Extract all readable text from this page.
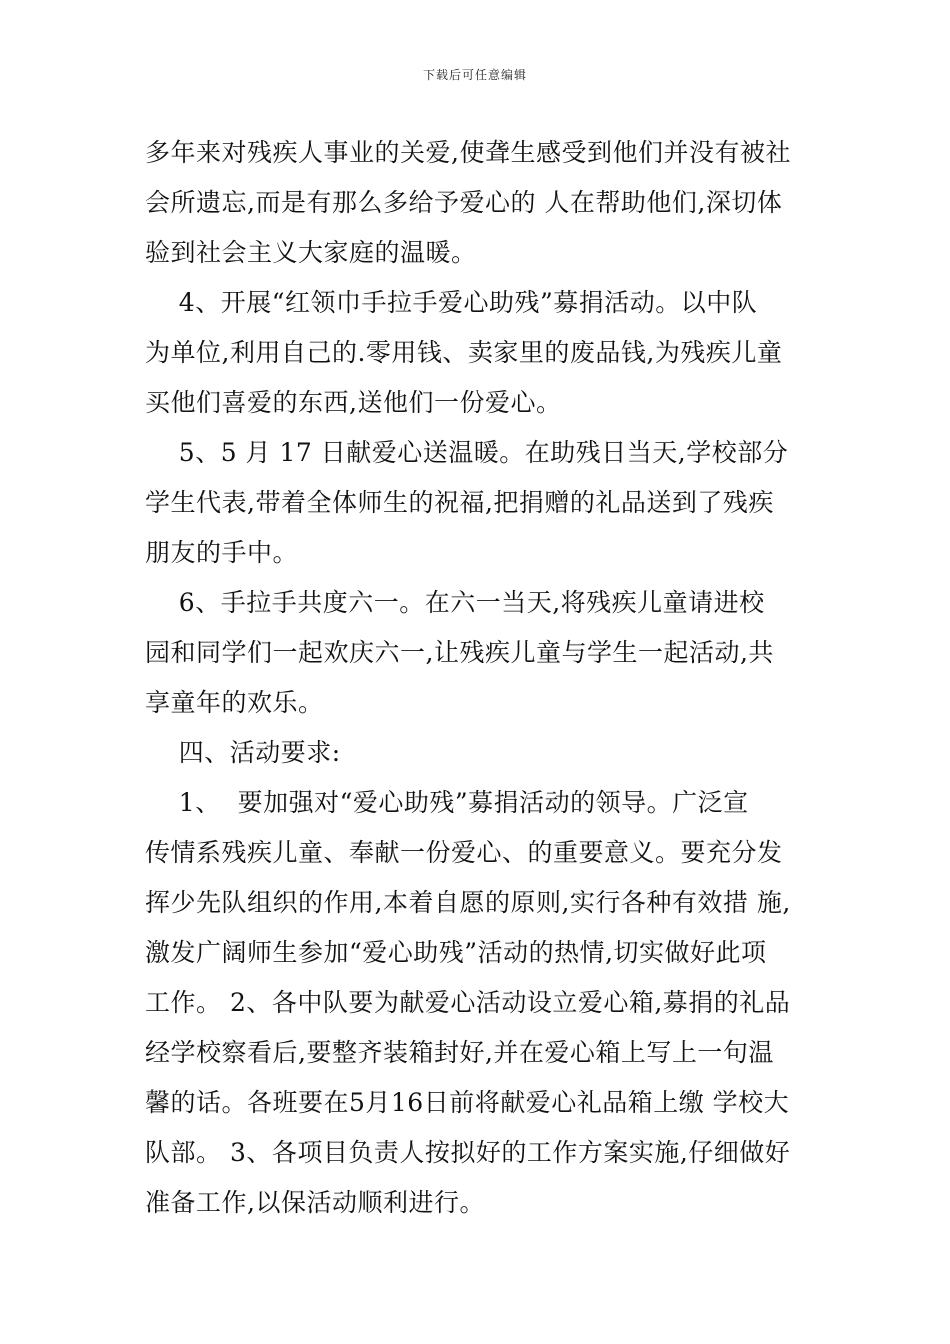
下载后可任意编辑
多年来对残疾人事业的关爱,使聋生感受到他们并没有被社
会所遗忘,而是有那么多给予爱心的 人在帮助他们,深切体
验到社会主义大家庭的温暖。
4、开展“红领巾手拉手爱心助残”募捐活动。以中队
为单位,利用自己的.零用钱、卖家里的废品钱,为残疾儿童
买他们喜爱的东西,送他们一份爱心。
5、5 月 17 日献爱心送温暖。在助残日当天,学校部分
学生代表,带着全体师生的祝福,把捐赠的礼品送到了残疾
朋友的手中。
6、手拉手共度六一。在六一当天,将残疾儿童请进校
园和同学们一起欢庆六一,让残疾儿童与学生一起活动,共
享童年的欢乐。
四、活动要求:
1、  要加强对“爱心助残”募捐活动的领导。广泛宣
传情系残疾儿童、奉献一份爱心、的重要意义。要充分发
挥少先队组织的作用,本着自愿的原则,实行各种有效措 施,
激发广阔师生参加“爱心助残”活动的热情,切实做好此项
工作。 2、各中队要为献爱心活动设立爱心箱,募捐的礼品
经学校察看后,要整齐装箱封好,并在爱心箱上写上一句温
馨的话。各班要在5月16日前将献爱心礼品箱上缴 学校大
队部。 3、各项目负责人按拟好的工作方案实施,仔细做好
准备工作,以保活动顺利进行。
